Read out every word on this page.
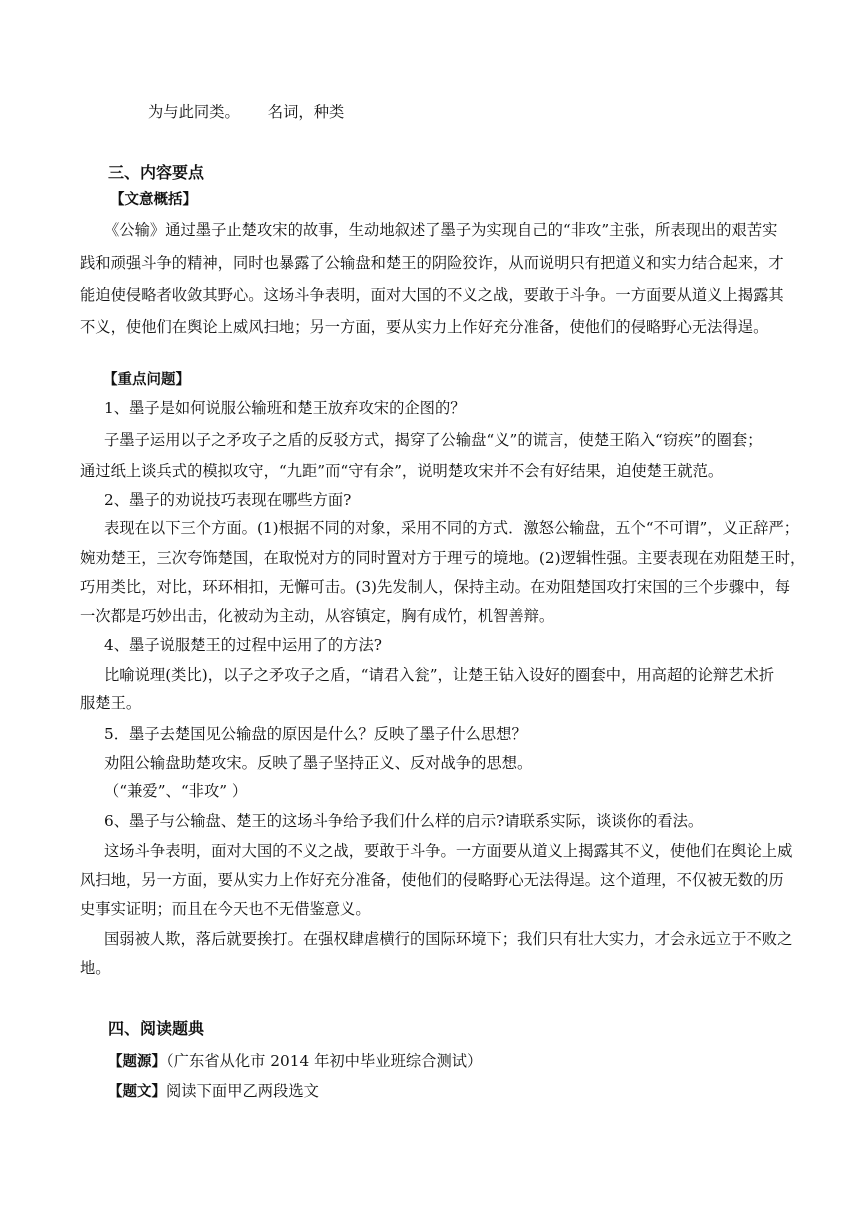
为与此同类。 名词，种类
三、内容要点
【文意概括】
《公输》通过墨子止楚攻宋的故事，生动地叙述了墨子为实现自己的“非攻”主张，所表现出的艰苦实
践和顽强斗争的精神，同时也暴露了公输盘和楚王的阴险狡诈，从而说明只有把道义和实力结合起来，才
能迫使侵略者收敛其野心。这场斗争表明，面对大国的不义之战，要敢于斗争。一方面要从道义上揭露其
不义，使他们在舆论上威风扫地；另一方面，要从实力上作好充分准备，使他们的侵略野心无法得逞。
【重点问题】
1、墨子是如何说服公输班和楚王放弃攻宋的企图的？
子墨子运用以子之矛攻子之盾的反驳方式，揭穿了公输盘“义”的谎言，使楚王陷入“窃疾”的圈套；
通过纸上谈兵式的模拟攻守，“九距”而“守有余”，说明楚攻宋并不会有好结果，迫使楚王就范。
2、墨子的劝说技巧表现在哪些方面?
表现在以下三个方面。(1)根据不同的对象，采用不同的方式．激怒公输盘，五个“不可谓”，义正辞严；
婉劝楚王，三次夸饰楚国，在取悦对方的同时置对方于理亏的境地。(2)逻辑性强。主要表现在劝阻楚王时，
巧用类比，对比，环环相扣，无懈可击。(3)先发制人，保持主动。在劝阻楚国攻打宋国的三个步骤中，每
一次都是巧妙出击，化被动为主动，从容镇定，胸有成竹，机智善辩。
4、墨子说服楚王的过程中运用了的方法?
比喻说理(类比)，以子之矛攻子之盾，“请君入瓮”，让楚王钻入设好的圈套中，用高超的论辩艺术折
服楚王。
5．墨子去楚国见公输盘的原因是什么？反映了墨子什么思想？
劝阻公输盘助楚攻宋。反映了墨子坚持正义、反对战争的思想。
（“兼爱”、“非攻” ）
6、墨子与公输盘、楚王的这场斗争给予我们什么样的启示?请联系实际，谈谈你的看法。
这场斗争表明，面对大国的不义之战，要敢于斗争。一方面要从道义上揭露其不义，使他们在舆论上威
风扫地，另一方面，要从实力上作好充分准备，使他们的侵略野心无法得逞。这个道理，不仅被无数的历
史事实证明；而且在今天也不无借鉴意义。
国弱被人欺，落后就要挨打。在强权肆虐横行的国际环境下；我们只有壮大实力，才会永远立于不败之
地。
四、阅读题典
【题源】（广东省从化市 2014 年初中毕业班综合测试）
【题文】阅读下面甲乙两段选文
